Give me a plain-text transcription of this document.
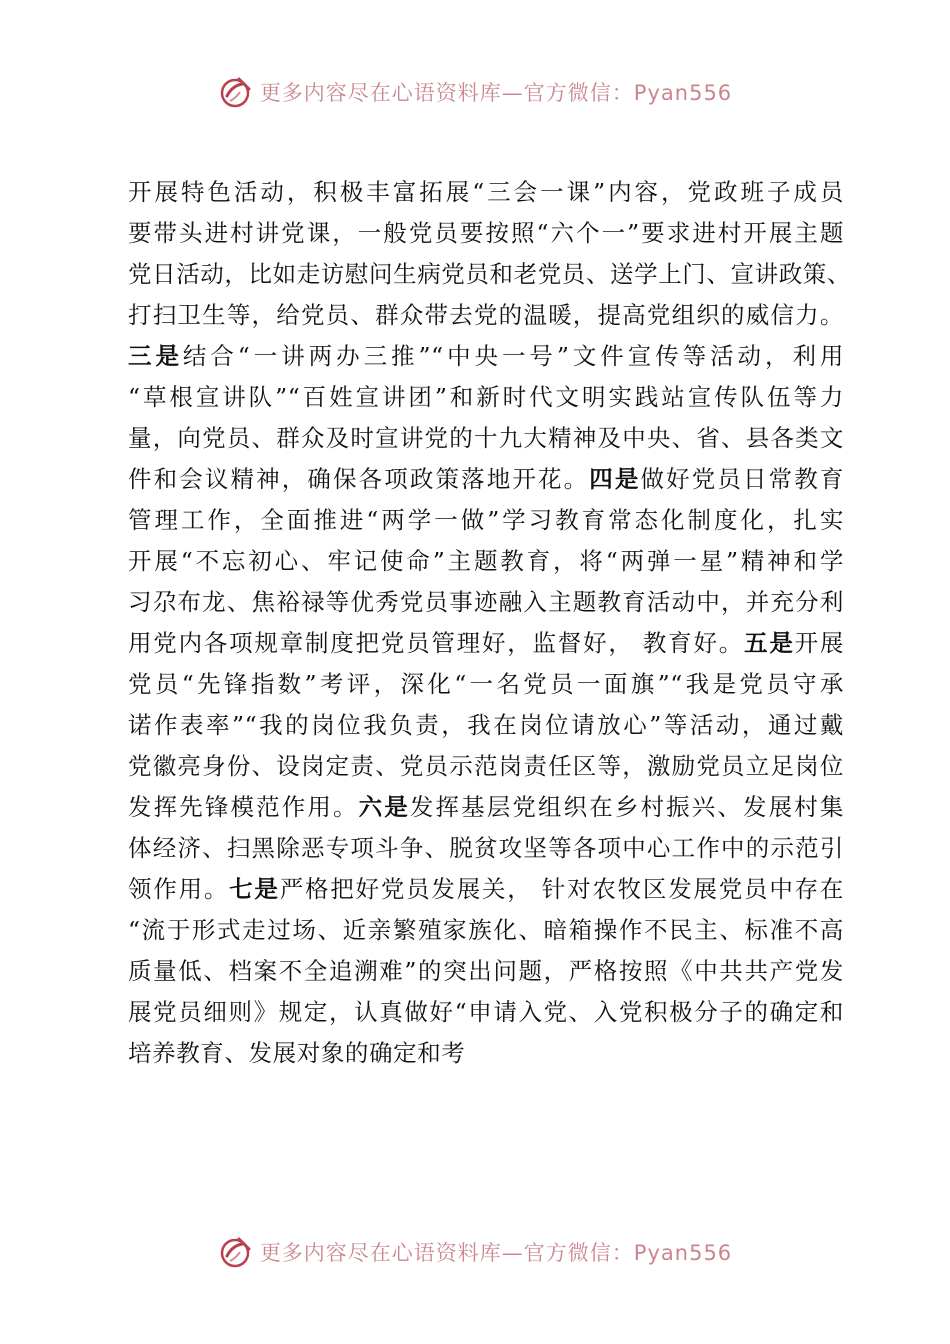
更多内容尽在心语资料库—官方微信：Pyan556
开展特色活动，积极丰富拓展“三会一课”内容，党政班子成员
要带头进村讲党课，一般党员要按照“六个一”要求进村开展主题
党日活动，比如走访慰问生病党员和老党员、送学上门、宣讲政策、
打扫卫生等，给党员、群众带去党的温暖，提高党组织的威信力。
三是结合“一讲两办三推”“中央一号”文件宣传等活动，利用
“草根宣讲队”“百姓宣讲团”和新时代文明实践站宣传队伍等力
量，向党员、群众及时宣讲党的十九大精神及中央、省、县各类文
件和会议精神，确保各项政策落地开花。四是做好党员日常教育
管理工作，全面推进“两学一做”学习教育常态化制度化，扎实
开展“不忘初心、牢记使命”主题教育，将“两弹一星”精神和学
习尕布龙、焦裕禄等优秀党员事迹融入主题教育活动中，并充分利
用党内各项规章制度把党员管理好，监督好， 教育好。五是开展
党员“先锋指数”考评，深化“一名党员一面旗”“我是党员守承
诺作表率”“我的岗位我负责，我在岗位请放心”等活动，通过戴
党徽亮身份、设岗定责、党员示范岗责任区等，激励党员立足岗位
发挥先锋模范作用。六是发挥基层党组织在乡村振兴、发展村集
体经济、扫黑除恶专项斗争、脱贫攻坚等各项中心工作中的示范引
领作用。七是严格把好党员发展关， 针对农牧区发展党员中存在
“流于形式走过场、近亲繁殖家族化、暗箱操作不民主、标准不高
质量低、档案不全追溯难”的突出问题，严格按照《中共共产党发
展党员细则》规定，认真做好“申请入党、入党积极分子的确定和
培养教育、发展对象的确定和考
更多内容尽在心语资料库—官方微信：Pyan556
